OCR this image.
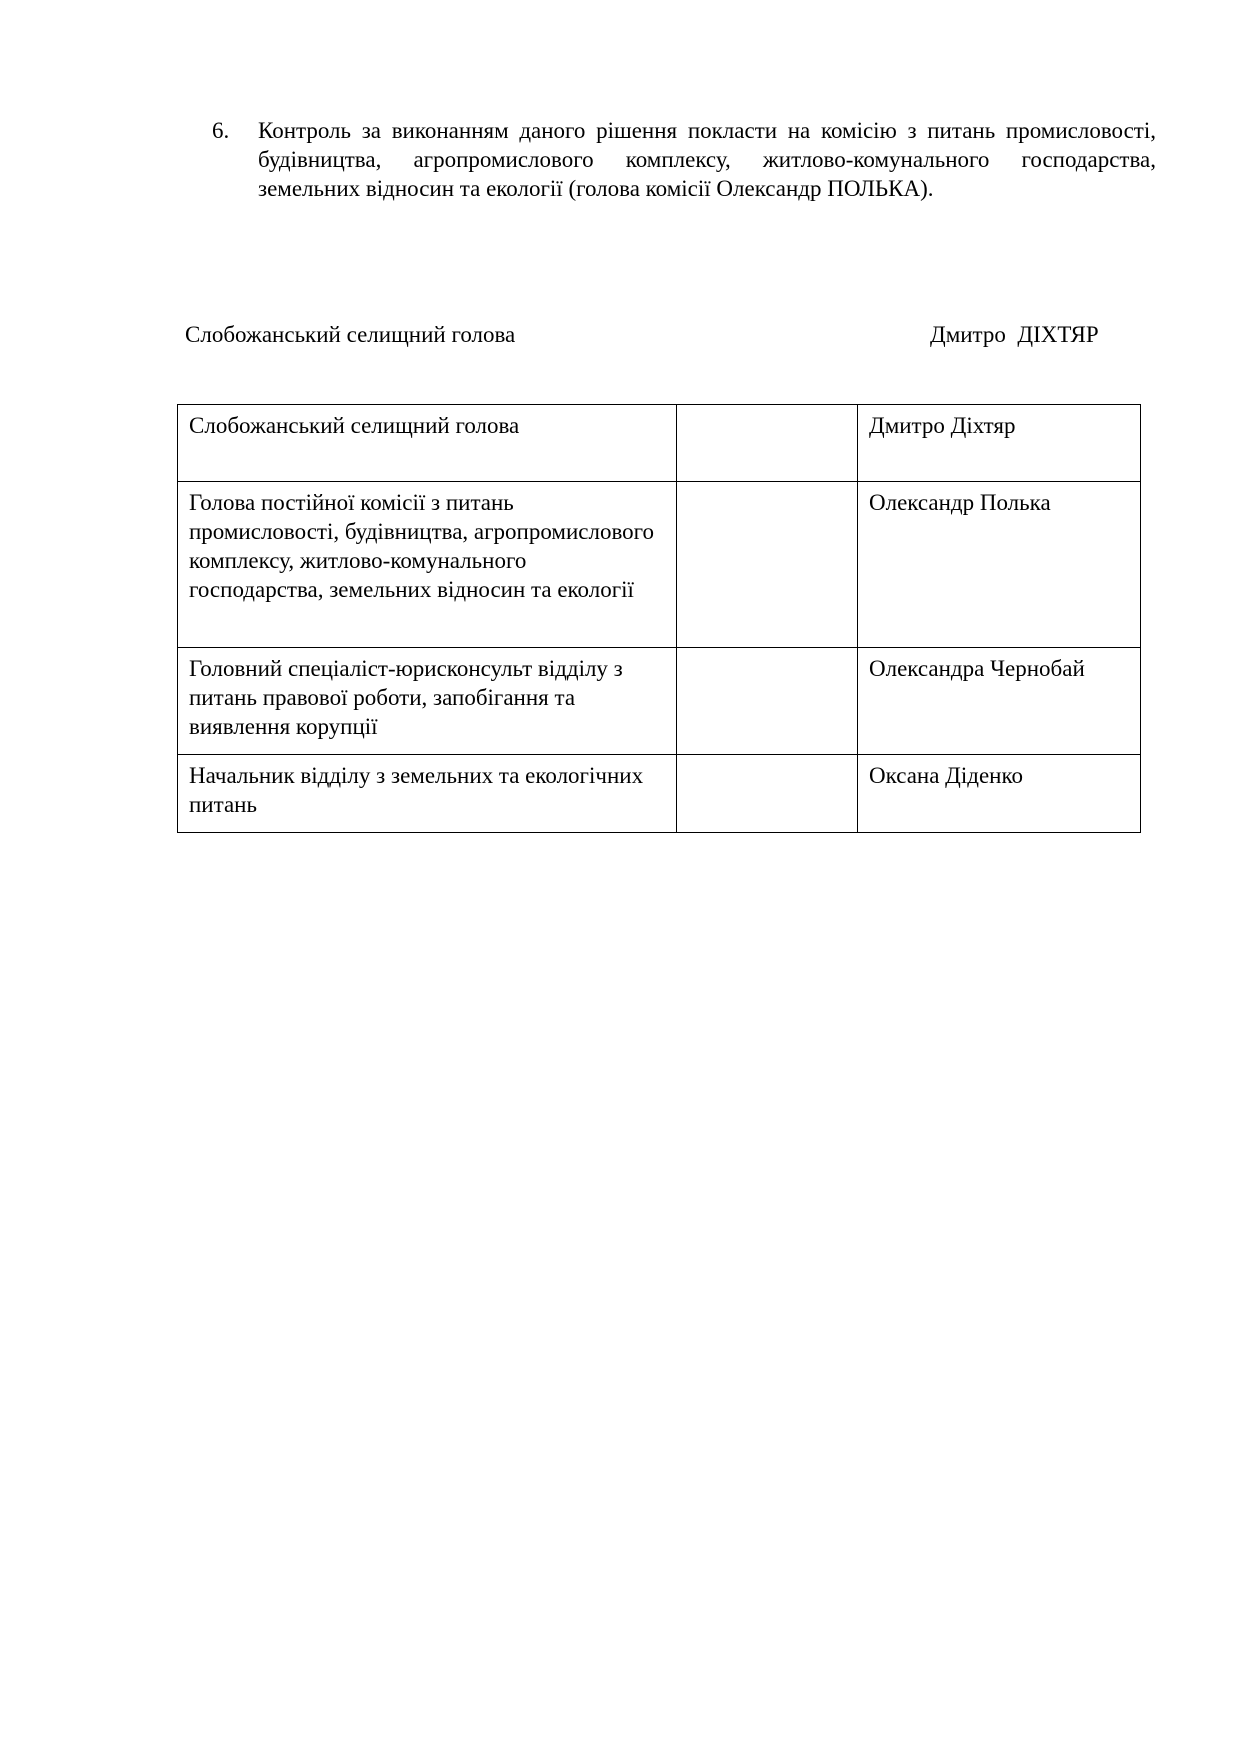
6. Контроль за виконанням даного рішення покласти на комісію з питань промисловості, будівництва, агропромислового комплексу, житлово-комунального господарства, земельних відносин та екології (голова комісії Олександр ПОЛЬКА).
Слобожанський селищний голова	Дмитро  ДІХТЯР
Слобожанський селищний голова		Дмитро Діхтяр
Голова постійної комісії з питань промисловості, будівництва, агропромислового комплексу, житлово-комунального господарства, земельних відносин та екології		Олександр Полька
Головний спеціаліст-юрисконсульт відділу з питань правової роботи, запобігання та виявлення корупції		Олександра Чернобай
Начальник відділу з земельних та екологічних питань		Оксана Діденко
